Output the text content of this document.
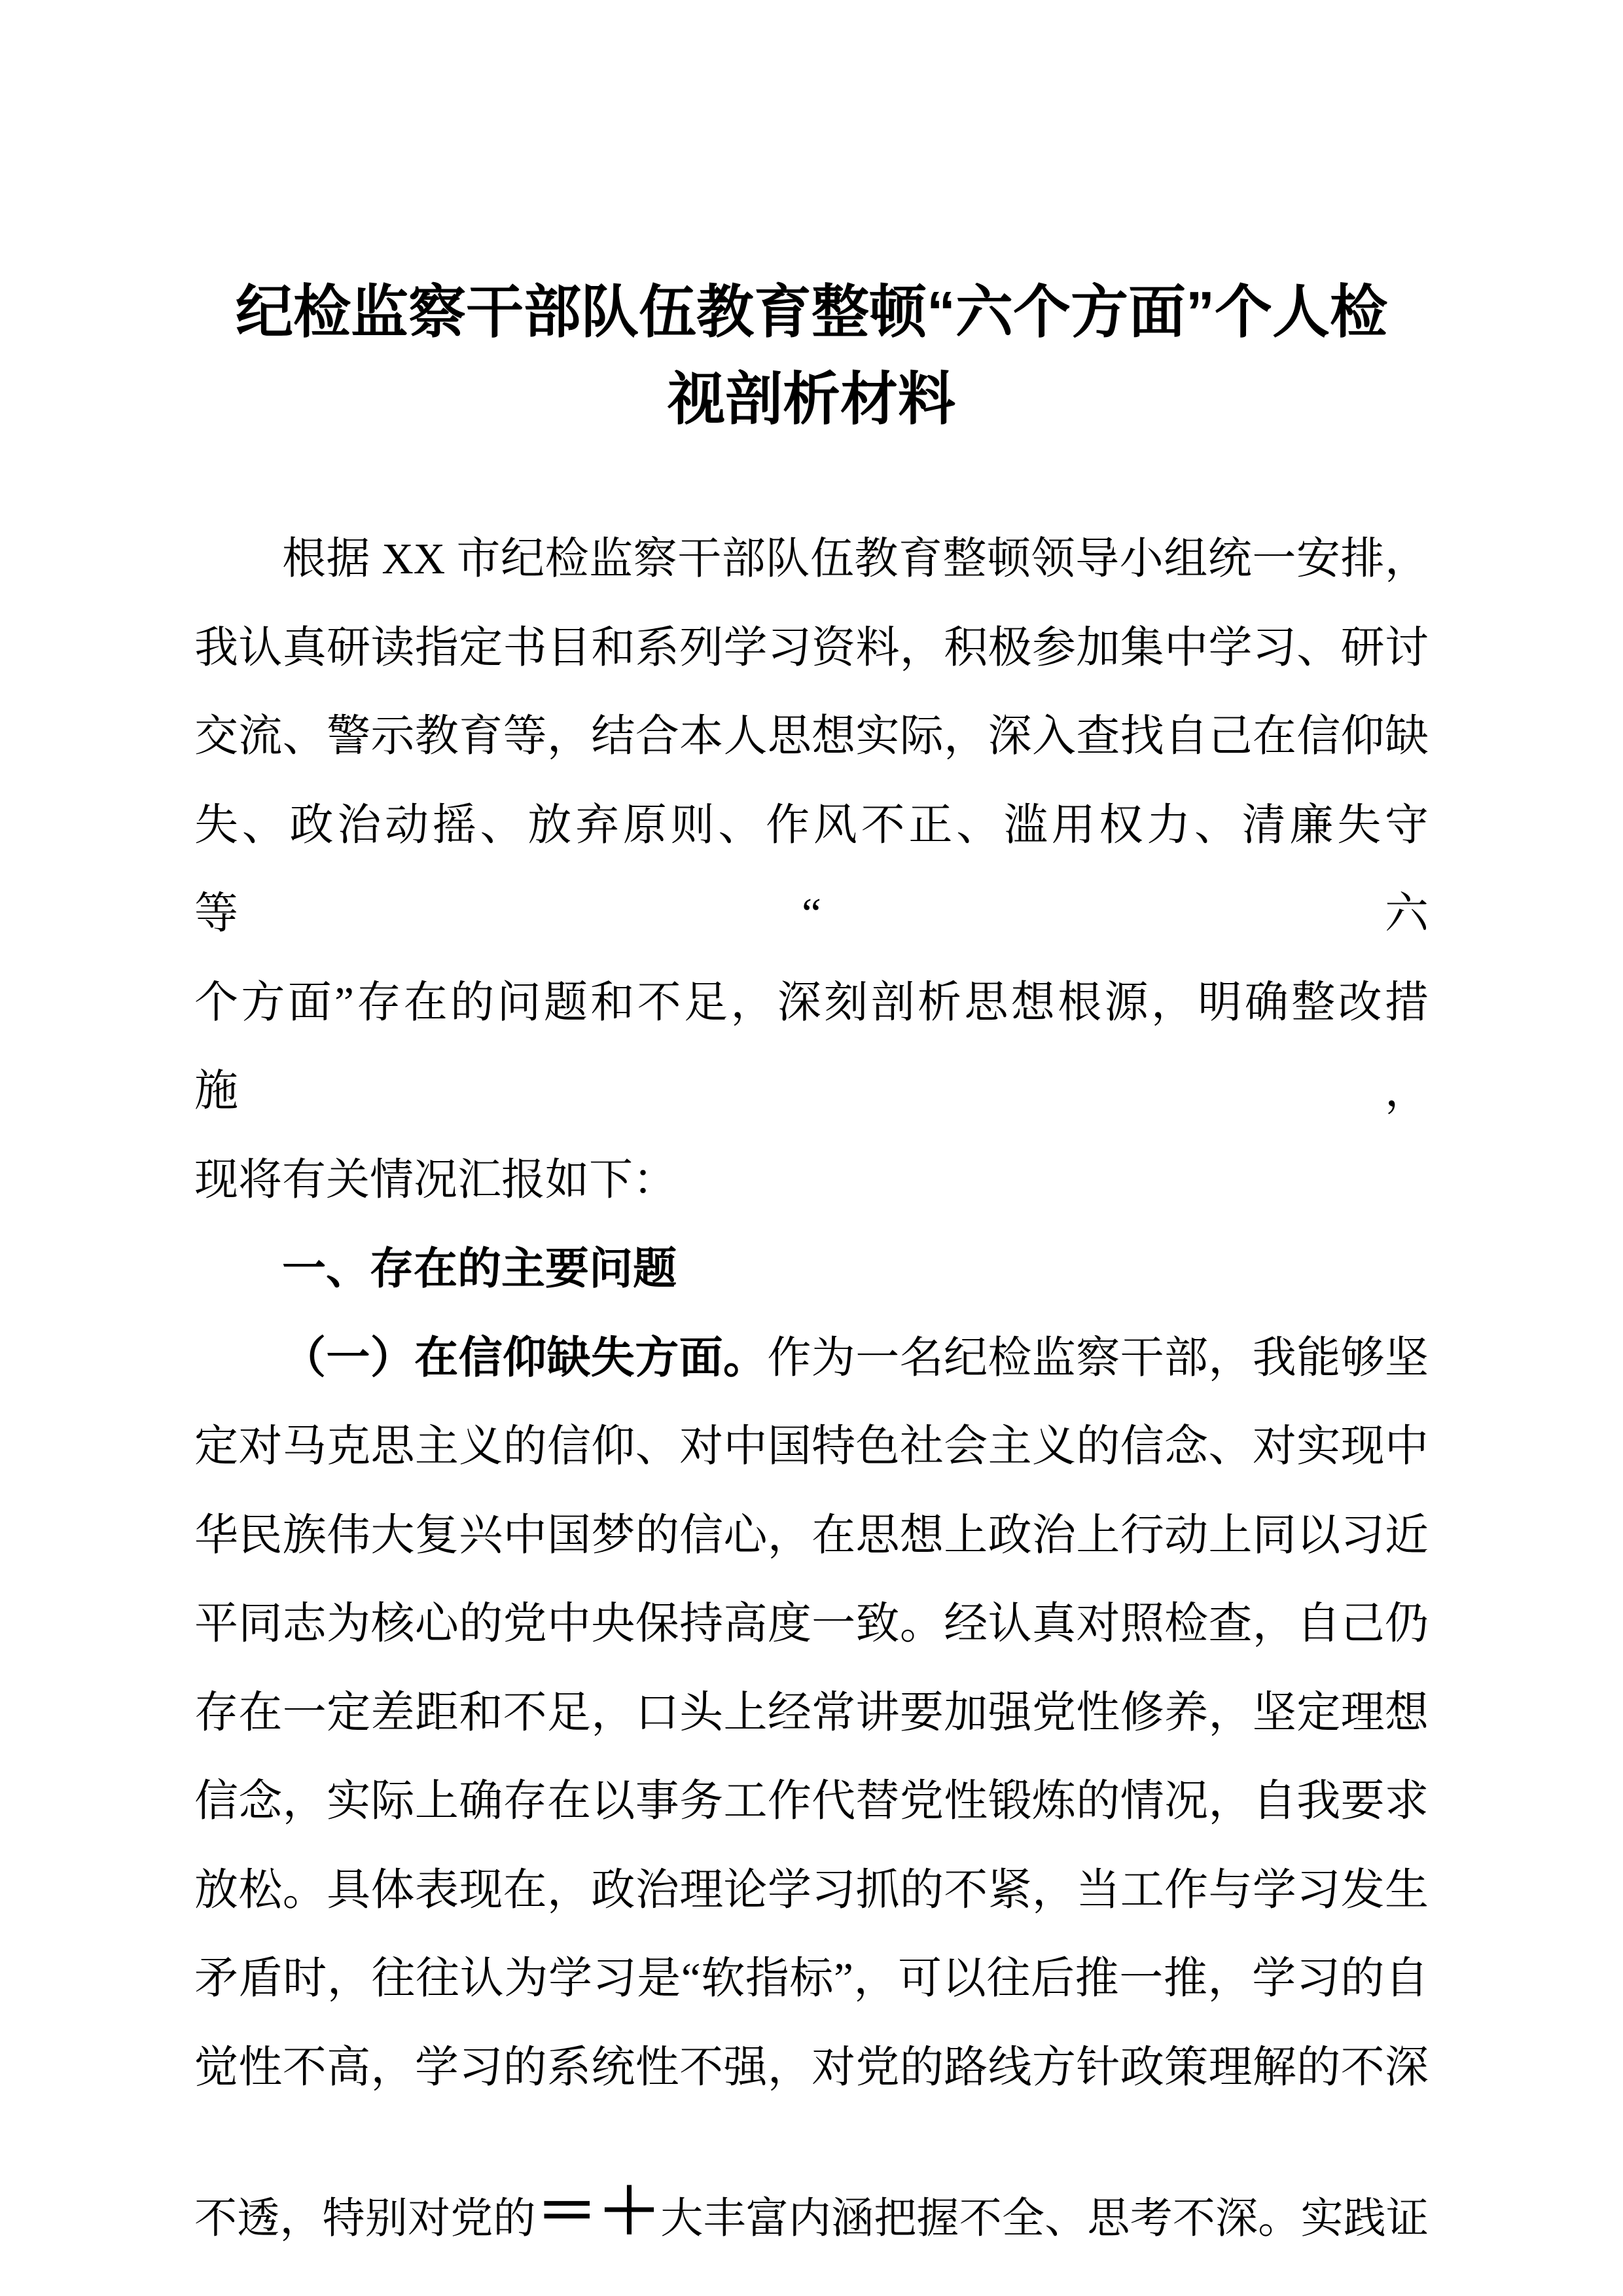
纪检监察干部队伍教育整顿“六个方面”个人检
视剖析材料
根据 XX 市纪检监察干部队伍教育整顿领导小组统一安排，
我认真研读指定书目和系列学习资料，积极参加集中学习、研讨
交流、警示教育等，结合本人思想实际，深入查找自己在信仰缺
失、政治动摇、放弃原则、作风不正、滥用权力、清廉失守等“六
个方面”存在的问题和不足，深刻剖析思想根源，明确整改措施，
现将有关情况汇报如下：
一、存在的主要问题
（一）在信仰缺失方面。作为一名纪检监察干部，我能够坚
定对马克思主义的信仰、对中国特色社会主义的信念、对实现中
华民族伟大复兴中国梦的信心，在思想上政治上行动上同以习近
平同志为核心的党中央保持高度一致。经认真对照检查，自己仍
存在一定差距和不足，口头上经常讲要加强党性修养，坚定理想
信念，实际上确存在以事务工作代替党性锻炼的情况，自我要求
放松。具体表现在，政治理论学习抓的不紧，当工作与学习发生
矛盾时，往往认为学习是“软指标”，可以往后推一推，学习的自
觉性不高，学习的系统性不强，对党的路线方针政策理解的不深
不透，特别对党的＝＋大丰富内涵把握不全、思考不深。实践证
